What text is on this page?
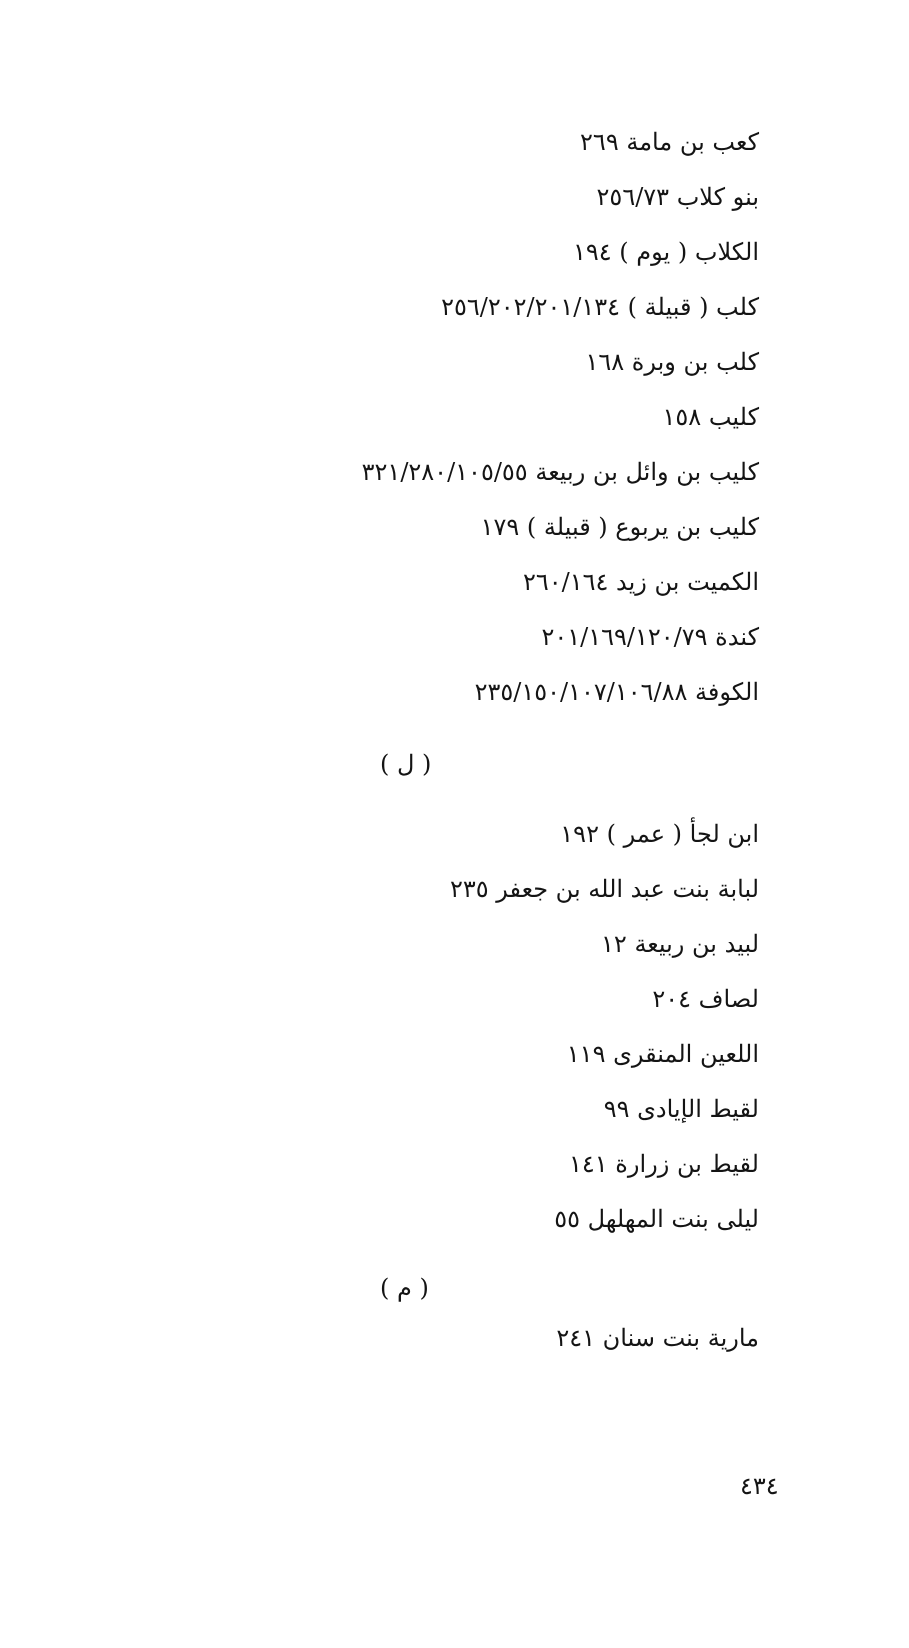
كعب بن مامة ٢٦٩
بنو كلاب ٢٥٦/٧٣
الكلاب ( يوم ) ١٩٤
كلب ( قبيلة ) ٢٥٦/٢٠٢/٢٠١/١٣٤
كلب بن وبرة ١٦٨
كليب ١٥٨
كليب بن وائل بن ربيعة ٣٢١/٢٨٠/١٠٥/٥٥
كليب بن يربوع ( قبيلة ) ١٧٩
الكميت بن زيد ٢٦٠/١٦٤
كندة ٢٠١/١٦٩/١٢٠/٧٩
الكوفة ٢٣٥/١٥٠/١٠٧/١٠٦/٨٨
( ل )
ابن لجأ ( عمر ) ١٩٢
لبابة بنت عبد الله بن جعفر ٢٣٥
لبيد بن ربيعة ١٢
لصاف ٢٠٤
اللعين المنقرى ١١٩
لقيط الإيادى ٩٩
لقيط بن زرارة ١٤١
ليلى بنت المهلهل ٥٥
( م )
مارية بنت سنان ٢٤١
٤٣٤
